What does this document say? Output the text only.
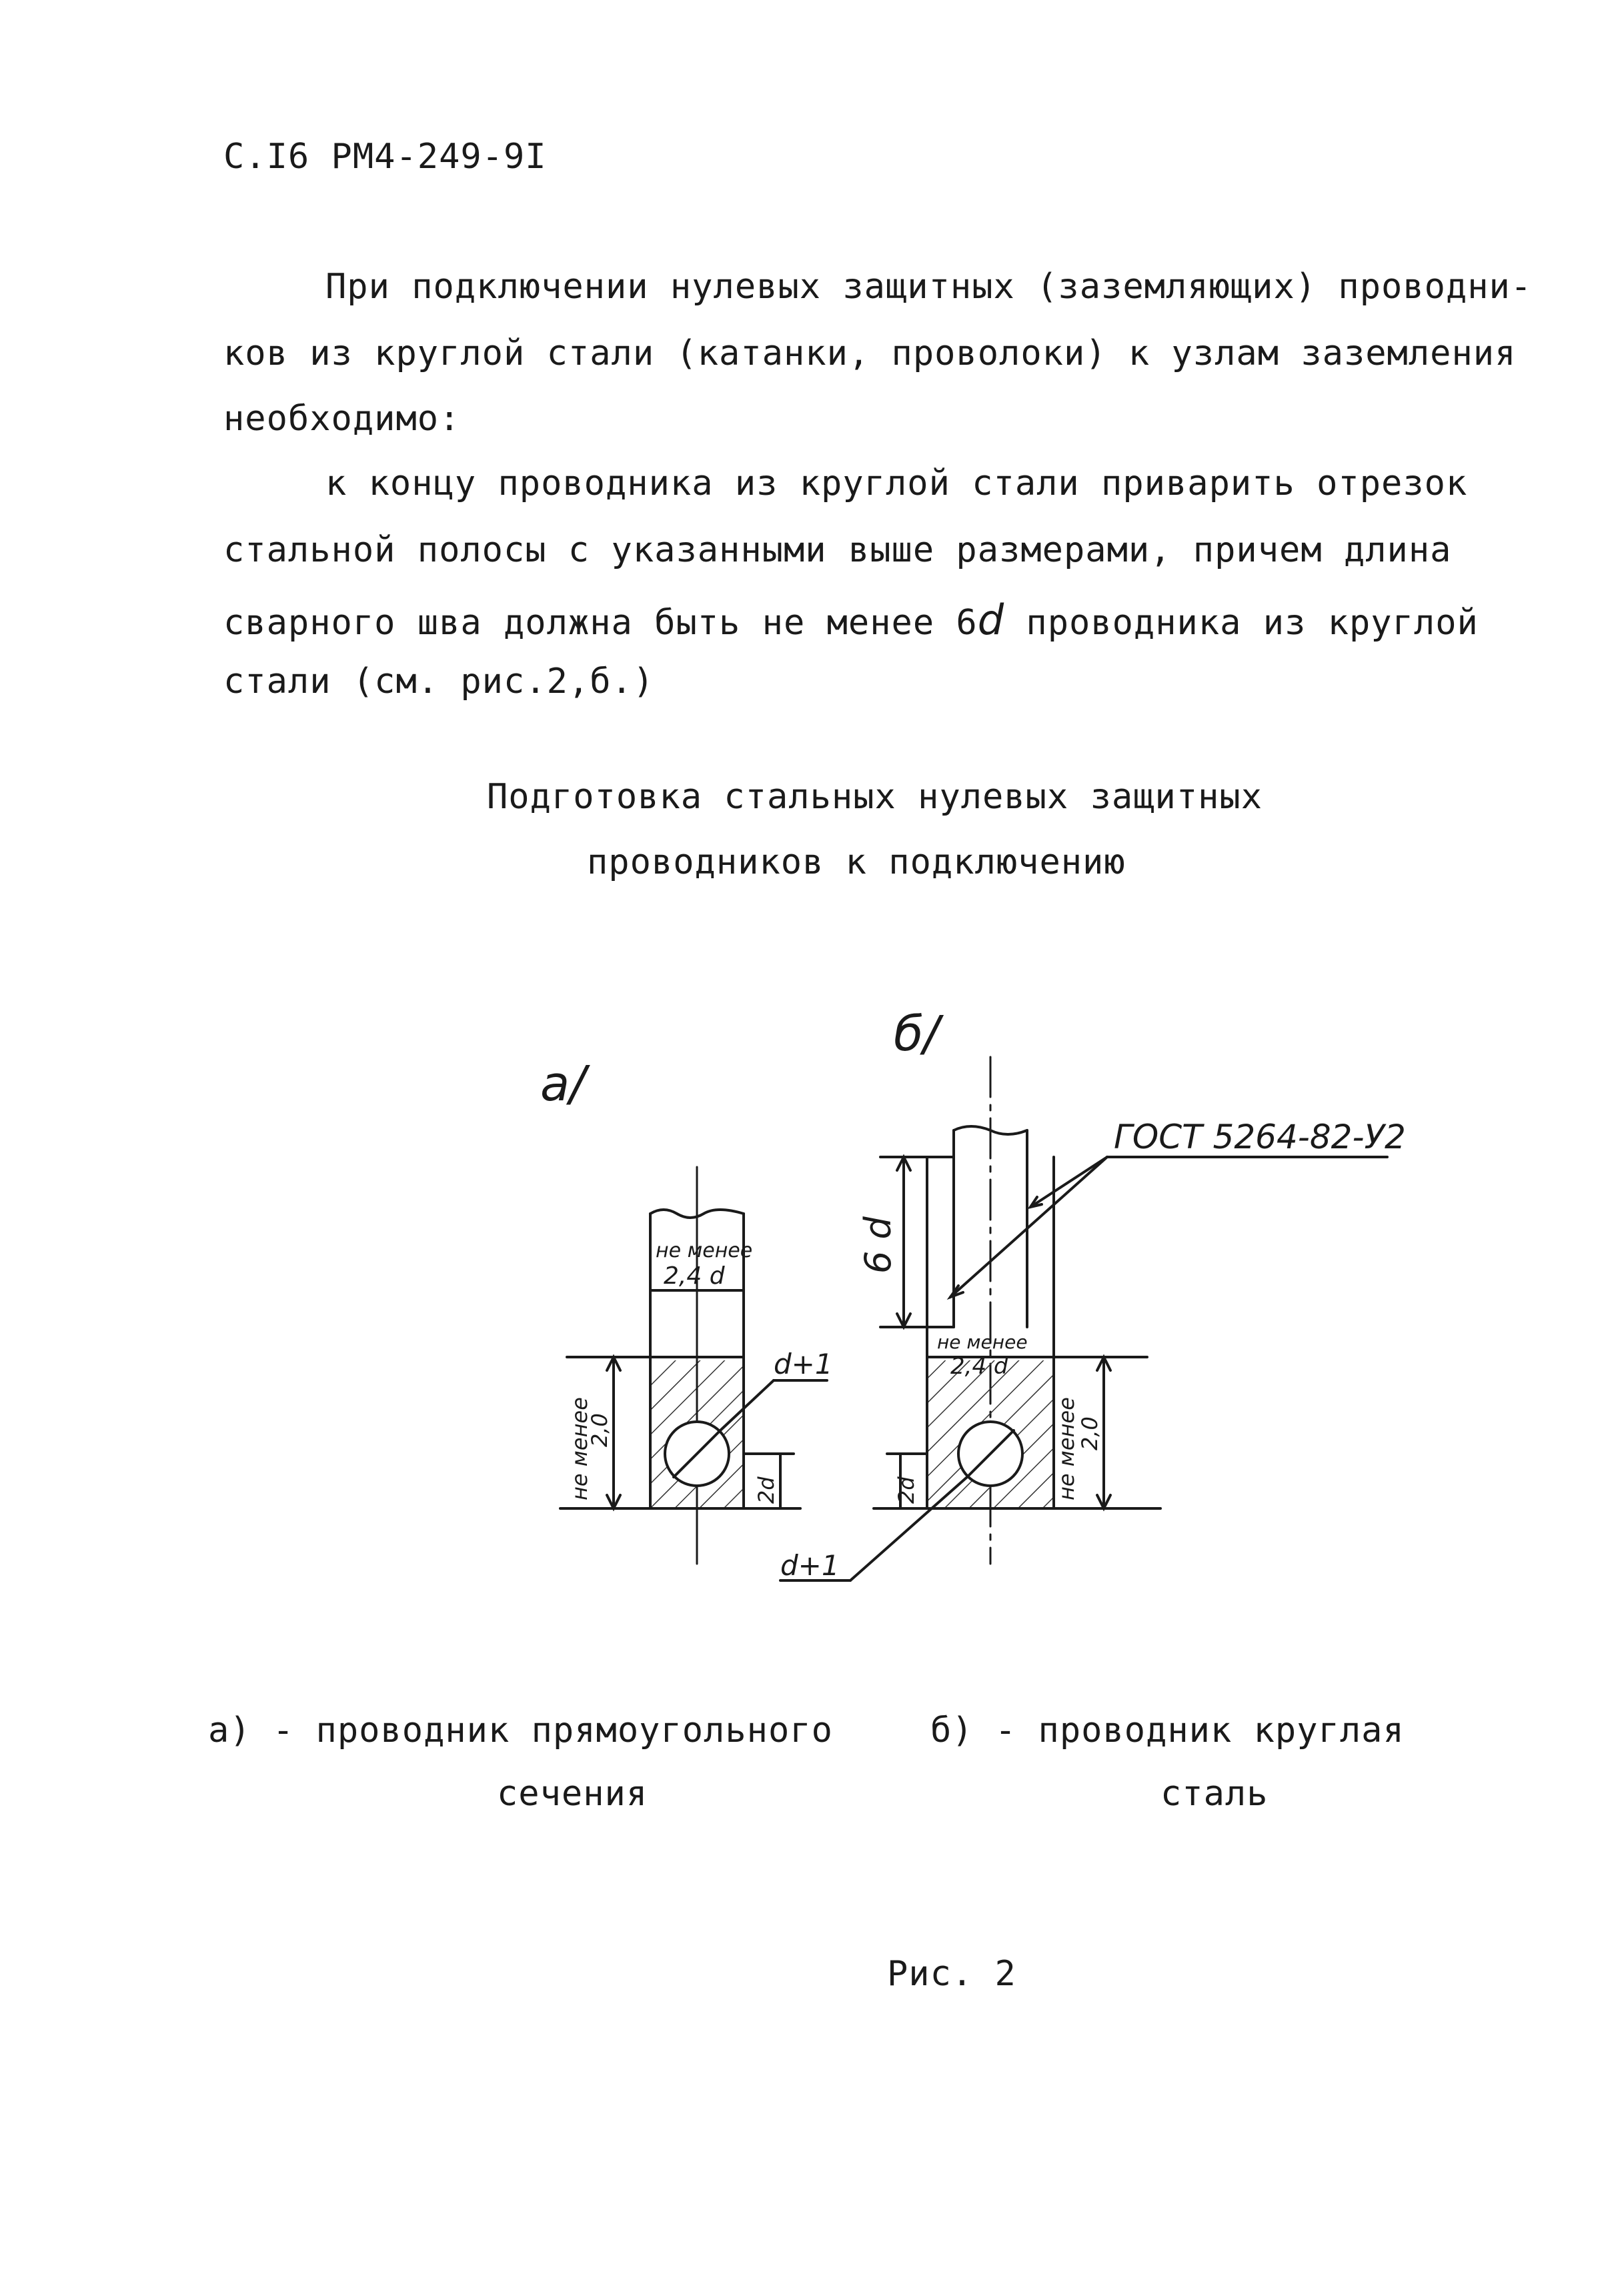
С.I6 РМ4-249-9I
При подключении нулевых защитных (заземляющих) проводни-
ков из круглой стали (катанки, проволоки) к узлам заземления
необходимо:
к концу проводника из круглой стали приварить отрезок
стальной полосы с указанными выше размерами, причем длина
сварного шва должна быть не менее 6d проводника из круглой
стали (см. рис.2,б.)
Подготовка стальных нулевых защитных
проводников к подключению
a/
б/
не менее
2,4 d
d+1
не менее
2,0
2d
ГОСТ 5264-82-У2
6 d
не менее
2,4 d
d+1
не менее
2,0
2d
а) - проводник прямоугольного
сечения
б) - проводник круглая
сталь
Рис. 2
